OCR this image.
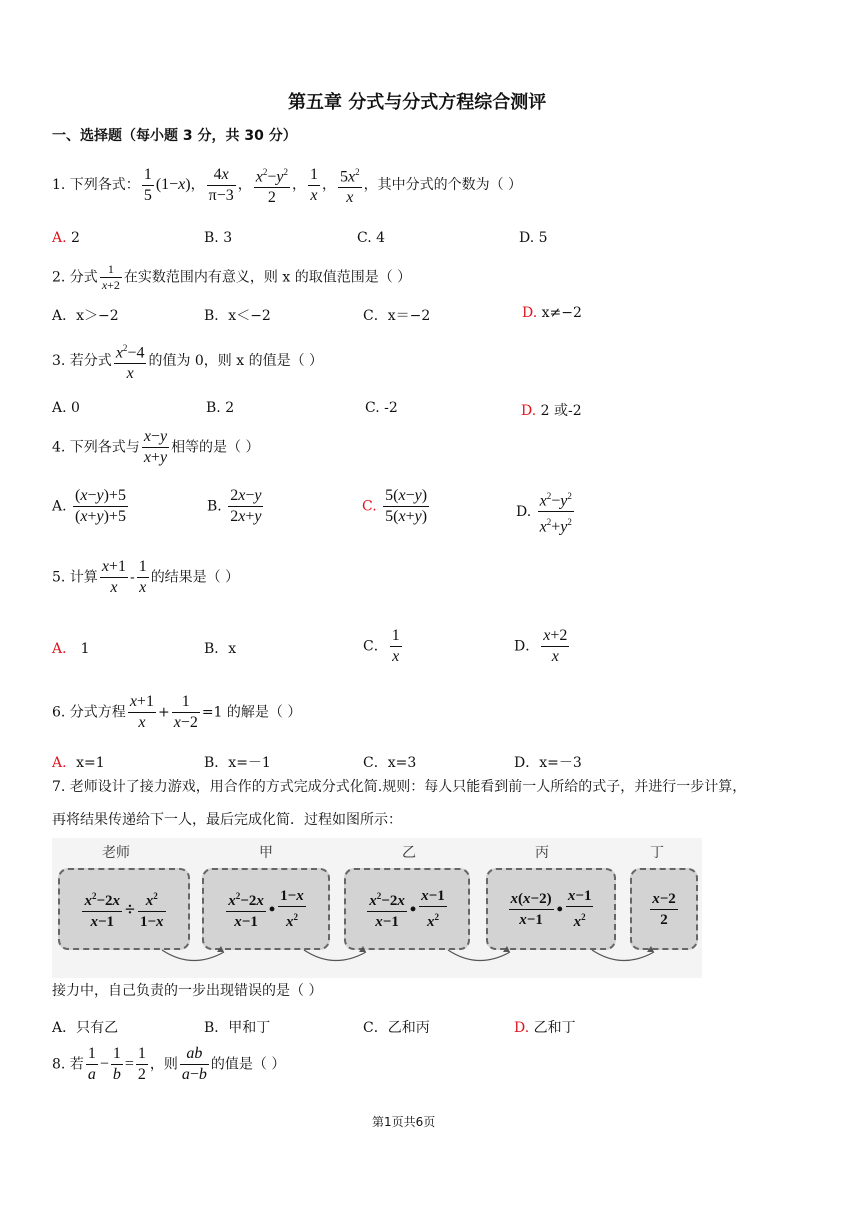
第五章 分式与分式方程综合测评
一、选择题（每小题 3 分，共 30 分）
1. 下列各式： $\frac{1}{5} (1-x)$， $\frac{4x}{\pi-3}$ ， $\frac{x^2-y^2}{2}$ ， $\frac{1}{x}$ ， $\frac{5x^2}{x}$ ，其中分式的个数为（ ）
A. 2	B. 3	C. 4	D. 5
2. 分式 $\frac{1}{x+2}$ 在实数范围内有意义，则 x 的取值范围是（ ）
A．x＞−2	B．x＜−2	C．x＝−2	D. x≠−2
3. 若分式 $\frac{x^2-4}{x}$ 的值为 0，则 x 的值是（ ）
A. 0	B. 2	C. -2	D. 2 或-2
4. 下列各式与 $\frac{x-y}{x+y}$ 相等的是（ ）
A. $\frac{(x-y)+5}{(x+y)+5}$	B. $\frac{2x-y}{2x+y}$	C. $\frac{5(x-y)}{5(x+y)}$	D. $\frac{x^2-y^2}{x^2+y^2}$
5. 计算 $\frac{x+1}{x} - \frac{1}{x}$ 的结果是（ ）
A． 1	B．x	C． $\frac{1}{x}$	D． $\frac{x+2}{x}$
6. 分式方程 $\frac{x+1}{x} + \frac{1}{x-2} =1$ 的解是（ ）
A．x=1	B．x=－1	C．x=3	D．x=－3
7. 老师设计了接力游戏，用合作的方式完成分式化简.规则：每人只能看到前一人所给的式子，并进行一步计算，
再将结果传递给下一人，最后完成化简．过程如图所示：
老师	甲	乙	丙	丁
$\frac{x^2-2x}{x-1} \div \frac{x^2}{1-x}$	$\frac{x^2-2x}{x-1}$ • $\frac{1-x}{x^2}$	$\frac{x^2-2x}{x-1}$ • $\frac{x-1}{x^2}$	$\frac{x(x-2)}{x-1}$ • $\frac{x-1}{x^2}$	$\frac{x-2}{2}$
接力中，自己负责的一步出现错误的是（ ）
A．只有乙	B．甲和丁	C．乙和丙	D. 乙和丁
8. 若 $\frac{1}{a} - \frac{1}{b} = \frac{1}{2}$ ，则 $\frac{ab}{a-b}$ 的值是（ ）
第1页共6页
